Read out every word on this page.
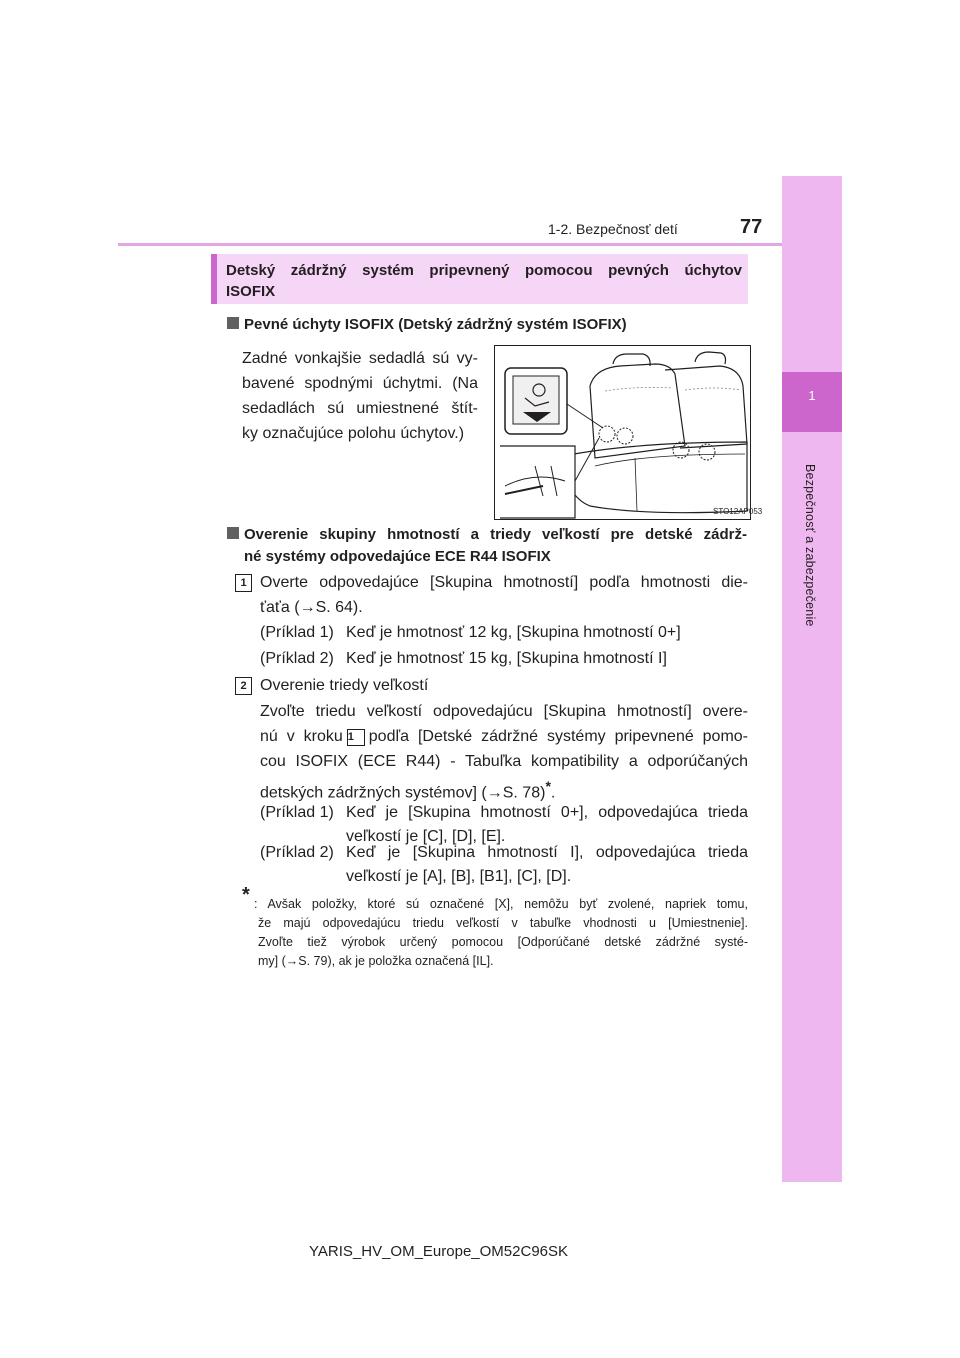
1
Bezpečnosť a zabezpečenie
1-2. Bezpečnosť detí	77
Detský zádržný systém pripevnený pomocou pevných úchytov ISOFIX
Pevné úchyty ISOFIX (Detský zádržný systém ISOFIX)
Zadné vonkajšie sedadlá sú vy-
bavené spodnými úchytmi. (Na
sedadlách sú umiestnené štít-
ky označujúce polohu úchytov.)
STO12AP053
Overenie skupiny hmotností a triedy veľkostí pre detské zádrž-
né systémy odpovedajúce ECE R44 ISOFIX
1 Overte odpovedajúce [Skupina hmotností] podľa hmotnosti die-
ťaťa (→S. 64).
(Príklad 1) Keď je hmotnosť 12 kg, [Skupina hmotností 0+]
(Príklad 2) Keď je hmotnosť 15 kg, [Skupina hmotností I]
2 Overenie triedy veľkostí
Zvoľte triedu veľkostí odpovedajúcu [Skupina hmotností] overe-
nú v kroku 1 podľa [Detské zádržné systémy pripevnené pomo-
cou ISOFIX (ECE R44) - Tabuľka kompatibility a odporúčaných
detských zádržných systémov] (→S. 78)*.
(Príklad 1) Keď je [Skupina hmotností 0+], odpovedajúca trieda
veľkostí je [C], [D], [E].
(Príklad 2) Keď je [Skupina hmotností I], odpovedajúca trieda
veľkostí je [A], [B], [B1], [C], [D].
* : Avšak položky, ktoré sú označené [X], nemôžu byť zvolené, napriek tomu,
že majú odpovedajúcu triedu veľkostí v tabuľke vhodnosti u [Umiestnenie].
Zvoľte tiež výrobok určený pomocou [Odporúčané detské zádržné systé-
my] (→S. 79), ak je položka označená [IL].
YARIS_HV_OM_Europe_OM52C96SK
